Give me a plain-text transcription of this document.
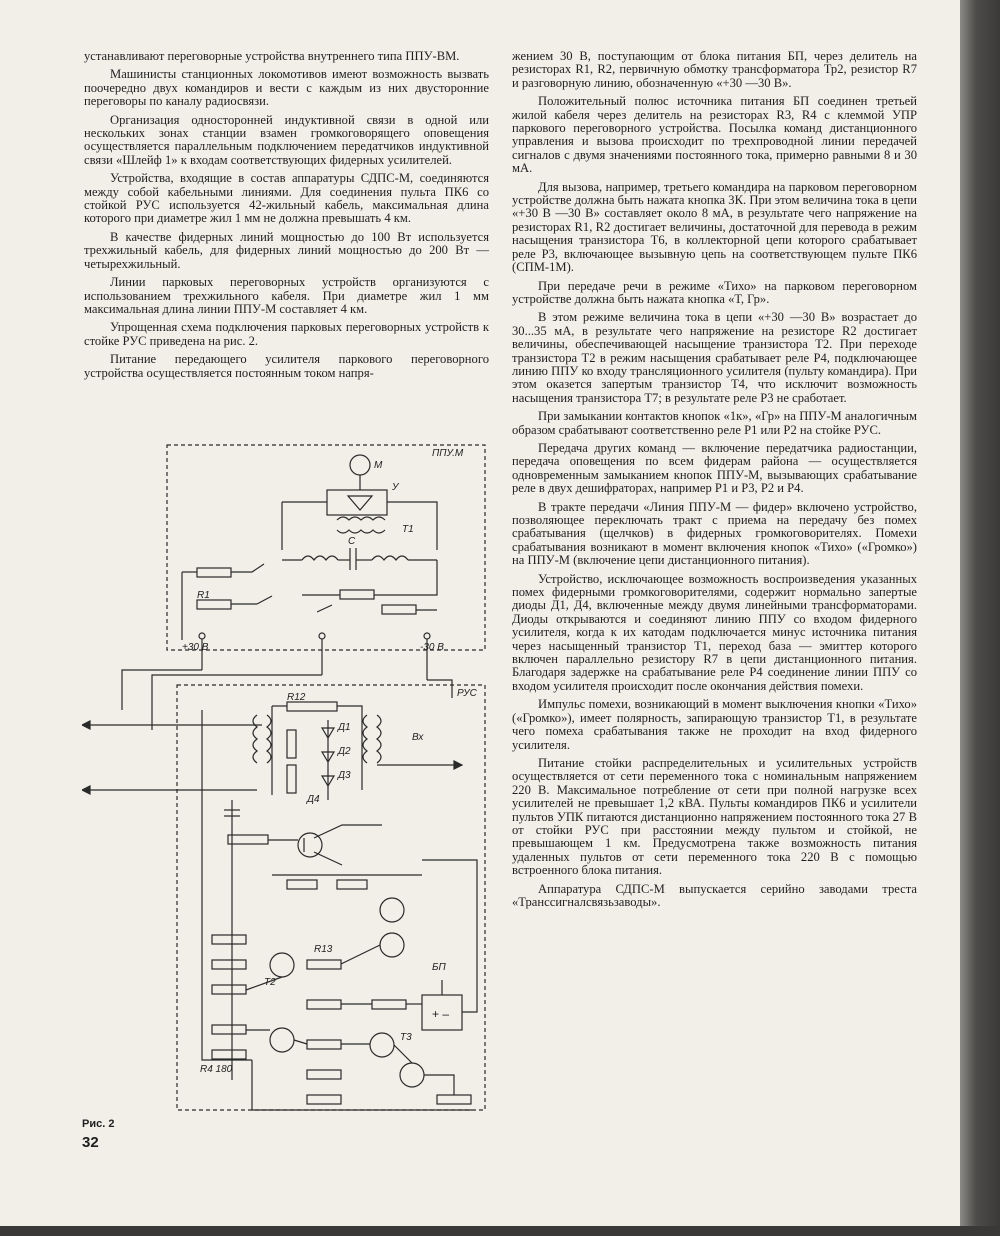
устанавливают переговорные устройства внутреннего типа ППУ-ВМ.

Машинисты станционных локомотивов имеют возможность вызвать поочередно двух командиров и вести с каждым из них двусторонние переговоры по каналу радиосвязи.

Организация односторонней индуктивной связи в одной или нескольких зонах станции взамен громкоговорящего оповещения осуществляется параллельным подключением передатчиков индуктивной связи «Шлейф 1» к входам соответствующих фидерных усилителей.

Устройства, входящие в состав аппаратуры СДПС-М, соединяются между собой кабельными линиями. Для соединения пульта ПК6 со стойкой РУС используется 42-жильный кабель, максимальная длина которого при диаметре жил 1 мм не должна превышать 4 км.

В качестве фидерных линий мощностью до 100 Вт используется трехжильный кабель, для фидерных линий мощностью до 200 Вт — четырехжильный.

Линии парковых переговорных устройств организуются с использованием трехжильного кабеля. При диаметре жил 1 мм максимальная длина линии ППУ-М составляет 4 км.

Упрощенная схема подключения парковых переговорных устройств к стойке РУС приведена на рис. 2.

Питание передающего усилителя паркового переговорного устройства осуществляется постоянным током напря-

жением 30 В, поступающим от блока питания БП, через делитель на резисторах R1, R2, первичную обмотку трансформатора Тр2, резистор R7 и разговорную линию, обозначенную «+30 —30 В».

Положительный полюс источника питания БП соединен третьей жилой кабеля через делитель на резисторах R3, R4 с клеммой УПР паркового переговорного устройства. Посылка команд дистанционного управления и вызова происходит по трехпроводной линии передачей сигналов с двумя значениями постоянного тока, примерно равными 8 и 30 мА.

Для вызова, например, третьего командира на парковом переговорном устройстве должна быть нажата кнопка 3К. При этом величина тока в цепи «+30 В —30 В» составляет около 8 мА, в результате чего напряжение на резисторах R1, R2 достигает величины, достаточной для перевода в режим насыщения транзистора Т6, в коллекторной цепи которого срабатывает реле Р3, включающее вызывную цепь на соответствующем пульте ПК6 (СПМ-1М).

При передаче речи в режиме «Тихо» на парковом переговорном устройстве должна быть нажата кнопка «Т, Гр».

В этом режиме величина тока в цепи «+30 —30 В» возрастает до 30...35 мА, в результате чего напряжение на резисторе R2 достигает величины, обеспечивающей насыщение транзистора Т2. При переходе транзистора Т2 в режим насыщения срабатывает реле Р4, подключающее линию ППУ ко входу трансляционного усилителя (пульту командира). При этом оказется запертым транзистор Т4, что исключит возможность насыщения транзистора Т7; в результате реле Р3 не сработает.

При замыкании контактов кнопок «1к», «Гр» на ППУ-М аналогичным образом срабатывают соответственно реле Р1 или Р2 на стойке РУС.

Передача других команд — включение передатчика радиостанции, передача оповещения по всем фидерам района — осуществляется одновременным замыканием кнопок ППУ-М, вызывающих срабатывание реле в двух дешифраторах, например Р1 и Р3, Р2 и Р4.

В тракте передачи «Линия ППУ-М — фидер» включено устройство, позволяющее переключать тракт с приема на передачу без помех срабатывания (щелчков) в фидерных громкоговорителях. Помехи срабатывания возникают в момент включения кнопок «Тихо» («Громко») на ППУ-М (включение цепи дистанционного питания).

Устройство, исключающее возможность воспроизведения указанных помех фидерными громкоговорителями, содержит нормально запертые диоды Д1, Д4, включенные между двумя линейными трансформаторами. Диоды открываются и соединяют линию ППУ со входом фидерного усилителя, когда к их катодам подключается минус источника питания через насыщенный транзистор Т1, переход база — эмиттер которого включен параллельно резистору R7 в цепи дистанционного питания. Благодаря задержке на срабатывание реле Р4 соединение линии ППУ со входом усилителя происходит после окончания действия помехи.

Импульс помехи, возникающий в момент выключения кнопки «Тихо» («Громко»), имеет полярность, запирающую транзистор Т1, в результате чего помеха срабатывания также не проходит на вход фидерного усилителя.

Питание стойки распределительных и усилительных устройств осуществляется от сети переменного тока с номинальным напряжением 220 В. Максимальное потребление от сети при полной нагрузке всех усилителей не превышает 1,2 кВА. Пульты командиров ПК6 и усилители пультов УПК питаются дистанционно напряжением постоянного тока 27 В от стойки РУС при расстоянии между пультом и стойкой, не превышающем 1 км. Предусмотрена также возможность питания удаленных пультов от сети переменного тока 220 В с помощью встроенного блока питания.

Аппаратура СДПС-М выпускается серийно заводами треста «Транссигналсвязьзаводы».

ППУ.М
М
У
Т1
С
R1
+30 В	-30 В
РУС
R12
Д1
Д2
Д3
Д4
Вх
R13
БП
+ –
Т2
Т3
R4 180
Рис. 2
32
